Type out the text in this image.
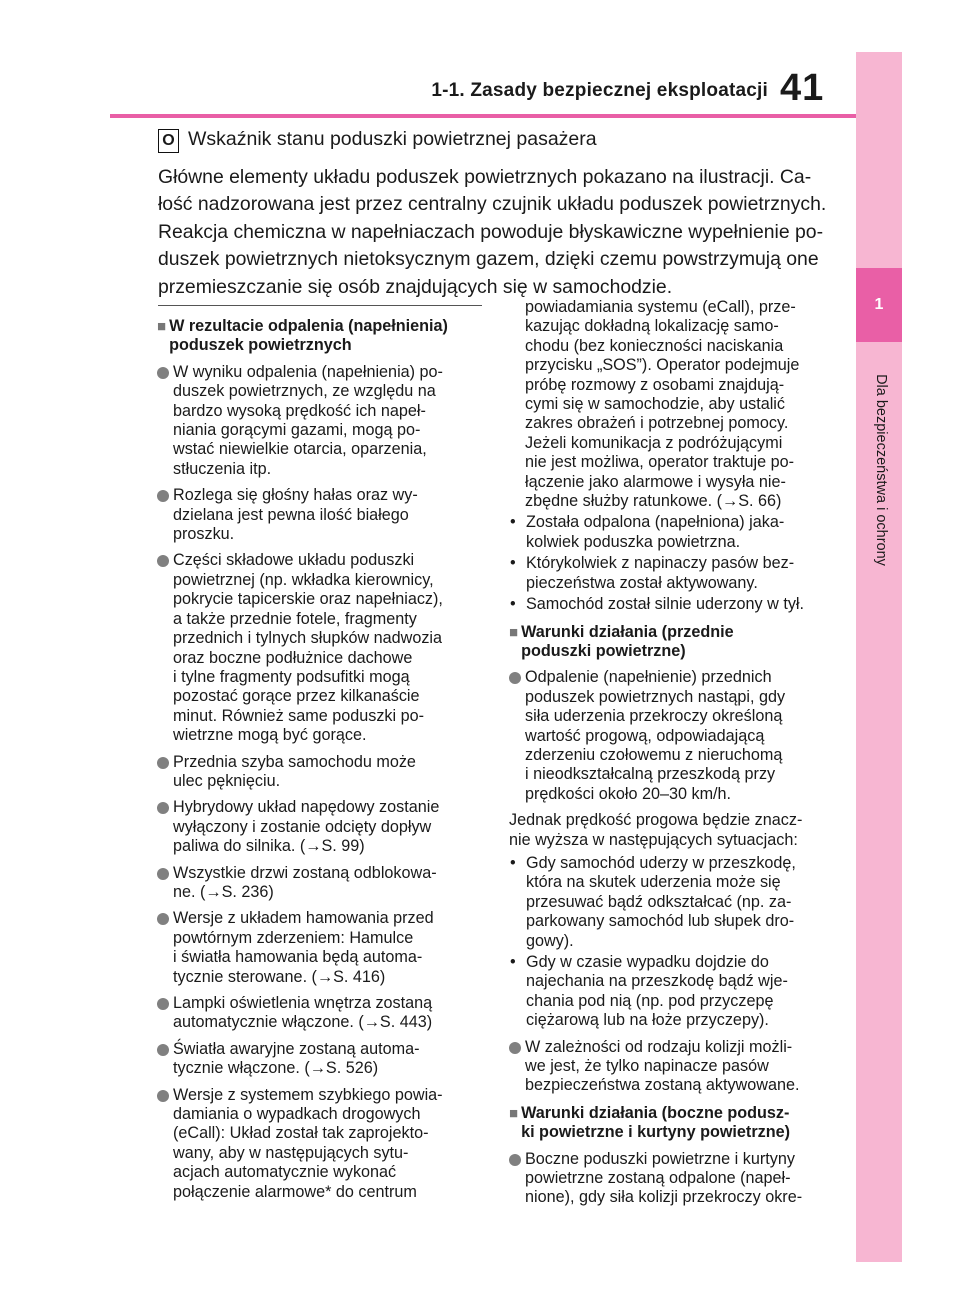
1-1. Zasady bezpiecznej eksploatacji 41
1
Dla bezpieczeństwa i ochrony
O Wskaźnik stanu poduszki powietrznej pasażera
Główne elementy układu poduszek powietrznych pokazano na ilustracji. Ca-
łość nadzorowana jest przez centralny czujnik układu poduszek powietrznych.
Reakcja chemiczna w napełniaczach powoduje błyskawiczne wypełnienie po-
duszek powietrznych nietoksycznym gazem, dzięki czemu powstrzymują one
przemieszczanie się osób znajdujących się w samochodzie.
■ W rezultacie odpalenia (napełnienia)
poduszek powietrznych
W wyniku odpalenia (napełnienia) po-
duszek powietrznych, ze względu na
bardzo wysoką prędkość ich napeł-
niania gorącymi gazami, mogą po-
wstać niewielkie otarcia, oparzenia,
stłuczenia itp.
Rozlega się głośny hałas oraz wy-
dzielana jest pewna ilość białego
proszku.
Części składowe układu poduszki
powietrznej (np. wkładka kierownicy,
pokrycie tapicerskie oraz napełniacz),
a także przednie fotele, fragmenty
przednich i tylnych słupków nadwozia
oraz boczne podłużnice dachowe
i tylne fragmenty podsufitki mogą
pozostać gorące przez kilkanaście
minut. Również same poduszki po-
wietrzne mogą być gorące.
Przednia szyba samochodu może
ulec pęknięciu.
Hybrydowy układ napędowy zostanie
wyłączony i zostanie odcięty dopływ
paliwa do silnika. (→S. 99)
Wszystkie drzwi zostaną odblokowa-
ne. (→S. 236)
Wersje z układem hamowania przed
powtórnym zderzeniem: Hamulce
i światła hamowania będą automa-
tycznie sterowane. (→S. 416)
Lampki oświetlenia wnętrza zostaną
automatycznie włączone. (→S. 443)
Światła awaryjne zostaną automa-
tycznie włączone. (→S. 526)
Wersje z systemem szybkiego powia-
damiania o wypadkach drogowych
(eCall): Układ został tak zaprojekto-
wany, aby w następujących sytu-
acjach automatycznie wykonać
połączenie alarmowe* do centrum
powiadamiania systemu (eCall), prze-
kazując dokładną lokalizację samo-
chodu (bez konieczności naciskania
przycisku „SOS”). Operator podejmuje
próbę rozmowy z osobami znajdują-
cymi się w samochodzie, aby ustalić
zakres obrażeń i potrzebnej pomocy.
Jeżeli komunikacja z podróżującymi
nie jest możliwa, operator traktuje po-
łączenie jako alarmowe i wysyła nie-
zbędne służby ratunkowe. (→S. 66)
• Została odpalona (napełniona) jaka-
kolwiek poduszka powietrzna.
• Którykolwiek z napinaczy pasów bez-
pieczeństwa został aktywowany.
• Samochód został silnie uderzony w tył.
■ Warunki działania (przednie
poduszki powietrzne)
Odpalenie (napełnienie) przednich
poduszek powietrznych nastąpi, gdy
siła uderzenia przekroczy określoną
wartość progową, odpowiadającą
zderzeniu czołowemu z nieruchomą
i nieodkształcalną przeszkodą przy
prędkości około 20–30 km/h.
Jednak prędkość progowa będzie znacz-
nie wyższa w następujących sytuacjach:
• Gdy samochód uderzy w przeszkodę,
która na skutek uderzenia może się
przesuwać bądź odkształcać (np. za-
parkowany samochód lub słupek dro-
gowy).
• Gdy w czasie wypadku dojdzie do
najechania na przeszkodę bądź wje-
chania pod nią (np. pod przyczepę
ciężarową lub na łoże przyczepy).
W zależności od rodzaju kolizji możli-
we jest, że tylko napinacze pasów
bezpieczeństwa zostaną aktywowane.
■ Warunki działania (boczne podusz-
ki powietrzne i kurtyny powietrzne)
Boczne poduszki powietrzne i kurtyny
powietrzne zostaną odpalone (napeł-
nione), gdy siła kolizji przekroczy okre-
